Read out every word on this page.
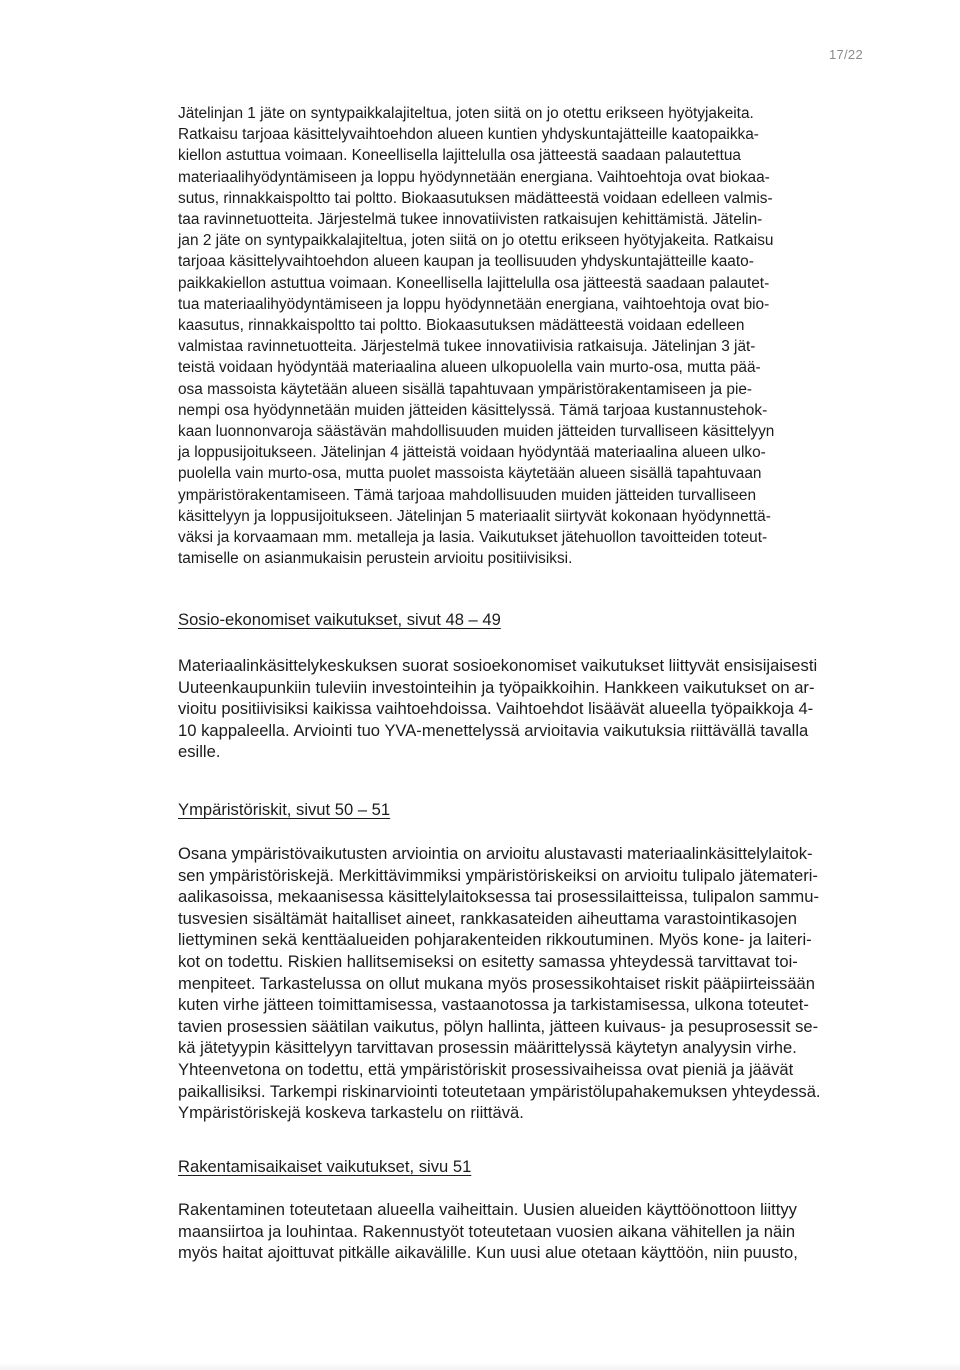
17/22

Jätelinjan 1 jäte on syntypaikkalajiteltua, joten siitä on jo otettu erikseen hyötyjakeita.
Ratkaisu tarjoaa käsittelyvaihtoehdon alueen kuntien yhdyskuntajätteille kaatopaikka-
kiellon astuttua voimaan. Koneellisella lajittelulla osa jätteestä saadaan palautettua
materiaalihyödyntämiseen ja loppu hyödynnetään energiana. Vaihtoehtoja ovat biokaa-
sutus, rinnakkaispoltto tai poltto. Biokaasutuksen mädätteestä voidaan edelleen valmis-
taa ravinnetuotteita. Järjestelmä tukee innovatiivisten ratkaisujen kehittämistä. Jätelin-
jan 2 jäte on syntypaikkalajiteltua, joten siitä on jo otettu erikseen hyötyjakeita. Ratkaisu
tarjoaa käsittelyvaihtoehdon alueen kaupan ja teollisuuden yhdyskuntajätteille kaato-
paikkakiellon astuttua voimaan. Koneellisella lajittelulla osa jätteestä saadaan palautet-
tua materiaalihyödyntämiseen ja loppu hyödynnetään energiana, vaihtoehtoja ovat bio-
kaasutus, rinnakkaispoltto tai poltto. Biokaasutuksen mädätteestä voidaan edelleen
valmistaa ravinnetuotteita. Järjestelmä tukee innovatiivisia ratkaisuja. Jätelinjan 3 jät-
teistä voidaan hyödyntää materiaalina alueen ulkopuolella vain murto-osa, mutta pää-
osa massoista käytetään alueen sisällä tapahtuvaan ympäristörakentamiseen ja pie-
nempi osa hyödynnetään muiden jätteiden käsittelyssä. Tämä tarjoaa kustannustehok-
kaan luonnonvaroja säästävän mahdollisuuden muiden jätteiden turvalliseen käsittelyyn
ja loppusijoitukseen. Jätelinjan 4 jätteistä voidaan hyödyntää materiaalina alueen ulko-
puolella vain murto-osa, mutta puolet massoista käytetään alueen sisällä tapahtuvaan
ympäristörakentamiseen. Tämä tarjoaa mahdollisuuden muiden jätteiden turvalliseen
käsittelyyn ja loppusijoitukseen. Jätelinjan 5 materiaalit siirtyvät kokonaan hyödynnettä-
väksi ja korvaamaan mm. metalleja ja lasia. Vaikutukset jätehuollon tavoitteiden toteut-
tamiselle on asianmukaisin perustein arvioitu positiivisiksi.

Sosio-ekonomiset vaikutukset, sivut 48 – 49

Materiaalinkäsittelykeskuksen suorat sosioekonomiset vaikutukset liittyvät ensisijaisesti
Uuteenkaupunkiin tuleviin investointeihin ja työpaikkoihin. Hankkeen vaikutukset on ar-
vioitu positiivisiksi kaikissa vaihtoehdoissa. Vaihtoehdot lisäävät alueella työpaikkoja 4-
10 kappaleella. Arviointi tuo YVA-menettelyssä arvioitavia vaikutuksia riittävällä tavalla
esille.

Ympäristöriskit, sivut 50 – 51

Osana ympäristövaikutusten arviointia on arvioitu alustavasti materiaalinkäsittelylaitok-
sen ympäristöriskejä. Merkittävimmiksi ympäristöriskeiksi on arvioitu tulipalo jätemateri-
aalikasoissa, mekaanisessa käsittelylaitoksessa tai prosessilaitteissa, tulipalon sammu-
tusvesien sisältämät haitalliset aineet, rankkasateiden aiheuttama varastointikasojen
liettyminen sekä kenttäalueiden pohjarakenteiden rikkoutuminen. Myös kone- ja laiteri-
kot on todettu. Riskien hallitsemiseksi on esitetty samassa yhteydessä tarvittavat toi-
menpiteet. Tarkastelussa on ollut mukana myös prosessikohtaiset riskit pääpiirteissään
kuten virhe jätteen toimittamisessa, vastaanotossa ja tarkistamisessa, ulkona toteutet-
tavien prosessien säätilan vaikutus, pölyn hallinta, jätteen kuivaus- ja pesuprosessit se-
kä jätetyypin käsittelyyn tarvittavan prosessin määrittelyssä käytetyn analyysin virhe.
Yhteenvetona on todettu, että ympäristöriskit prosessivaiheissa ovat pieniä ja jäävät
paikallisiksi. Tarkempi riskinarviointi toteutetaan ympäristölupahakemuksen yhteydessä.
Ympäristöriskejä koskeva tarkastelu on riittävä.

Rakentamisaikaiset vaikutukset, sivu 51

Rakentaminen toteutetaan alueella vaiheittain. Uusien alueiden käyttöönottoon liittyy
maansiirtoa ja louhintaa. Rakennustyöt toteutetaan vuosien aikana vähitellen ja näin
myös haitat ajoittuvat pitkälle aikavälille. Kun uusi alue otetaan käyttöön, niin puusto,
